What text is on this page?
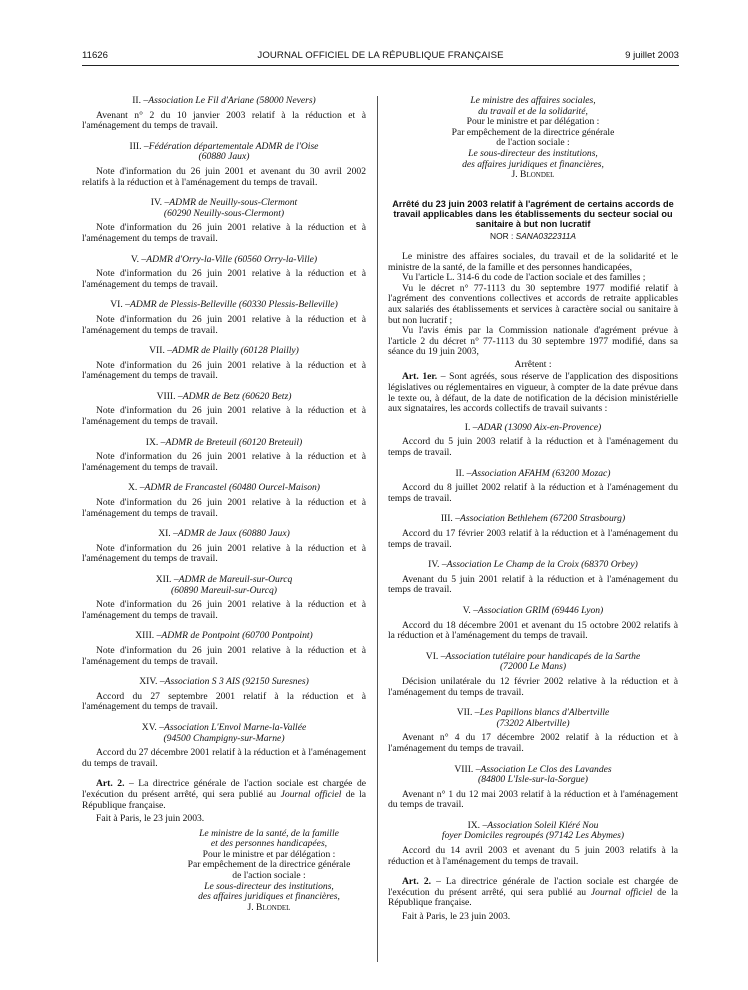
11626	JOURNAL OFFICIEL DE LA RÉPUBLIQUE FRANÇAISE	9 juillet 2003
II. – Association Le Fil d'Ariane (58000 Nevers)

Avenant n° 2 du 10 janvier 2003 relatif à la réduction et à l'aménagement du temps de travail.

III. – Fédération départementale ADMR de l'Oise
(60880 Jaux)

Note d'information du 26 juin 2001 et avenant du 30 avril 2002 relatifs à la réduction et à l'aménagement du temps de travail.

IV. – ADMR de Neuilly-sous-Clermont
(60290 Neuilly-sous-Clermont)

Note d'information du 26 juin 2001 relative à la réduction et à l'aménagement du temps de travail.

V. – ADMR d'Orry-la-Ville (60560 Orry-la-Ville)

Note d'information du 26 juin 2001 relative à la réduction et à l'aménagement du temps de travail.

VI. – ADMR de Plessis-Belleville (60330 Plessis-Belleville)

Note d'information du 26 juin 2001 relative à la réduction et à l'aménagement du temps de travail.

VII. – ADMR de Plailly (60128 Plailly)

Note d'information du 26 juin 2001 relative à la réduction et à l'aménagement du temps de travail.

VIII. – ADMR de Betz (60620 Betz)

Note d'information du 26 juin 2001 relative à la réduction et à l'aménagement du temps de travail.

IX. – ADMR de Breteuil (60120 Breteuil)

Note d'information du 26 juin 2001 relative à la réduction et à l'aménagement du temps de travail.

X. – ADMR de Francastel (60480 Ourcel-Maison)

Note d'information du 26 juin 2001 relative à la réduction et à l'aménagement du temps de travail.

XI. – ADMR de Jaux (60880 Jaux)

Note d'information du 26 juin 2001 relative à la réduction et à l'aménagement du temps de travail.

XII. – ADMR de Mareuil-sur-Ourcq
(60890 Mareuil-sur-Ourcq)

Note d'information du 26 juin 2001 relative à la réduction et à l'aménagement du temps de travail.

XIII. – ADMR de Pontpoint (60700 Pontpoint)

Note d'information du 26 juin 2001 relative à la réduction et à l'aménagement du temps de travail.

XIV. – Association S 3 AIS (92150 Suresnes)

Accord du 27 septembre 2001 relatif à la réduction et à l'aménagement du temps de travail.

XV. – Association L'Envol Marne-la-Vallée
(94500 Champigny-sur-Marne)

Accord du 27 décembre 2001 relatif à la réduction et à l'aménagement du temps de travail.

Art. 2. – La directrice générale de l'action sociale est chargée de l'exécution du présent arrêté, qui sera publié au Journal officiel de la République française.

Fait à Paris, le 23 juin 2003.

Le ministre de la santé, de la famille
et des personnes handicapées,
Pour le ministre et par délégation :
Par empêchement de la directrice générale
de l'action sociale :
Le sous-directeur des institutions,
des affaires juridiques et financières,
J. Blondel
Le ministre des affaires sociales,
du travail et de la solidarité,
Pour le ministre et par délégation :
Par empêchement de la directrice générale
de l'action sociale :
Le sous-directeur des institutions,
des affaires juridiques et financières,
J. Blondel
Arrêté du 23 juin 2003 relatif à l'agrément de certains accords de travail applicables dans les établissements du secteur social ou sanitaire à but non lucratif
NOR : SANA0322311A

Le ministre des affaires sociales, du travail et de la solidarité et le ministre de la santé, de la famille et des personnes handicapées,

Vu l'article L. 314-6 du code de l'action sociale et des familles ;

Vu le décret n° 77-1113 du 30 septembre 1977 modifié relatif à l'agrément des conventions collectives et accords de retraite applicables aux salariés des établissements et services à caractère social ou sanitaire à but non lucratif ;

Vu l'avis émis par la Commission nationale d'agrément prévue à l'article 2 du décret n° 77-1113 du 30 septembre 1977 modifié, dans sa séance du 19 juin 2003,

Arrêtent :

Art. 1er. – Sont agréés, sous réserve de l'application des dispositions législatives ou réglementaires en vigueur, à compter de la date prévue dans le texte ou, à défaut, de la date de notification de la décision ministérielle aux signataires, les accords collectifs de travail suivants :

I. – ADAR (13090 Aix-en-Provence)

Accord du 5 juin 2003 relatif à la réduction et à l'aménagement du temps de travail.

II. – Association AFAHM (63200 Mozac)

Accord du 8 juillet 2002 relatif à la réduction et à l'aménagement du temps de travail.

III. – Association Bethlehem (67200 Strasbourg)

Accord du 17 février 2003 relatif à la réduction et à l'aménagement du temps de travail.

IV. – Association Le Champ de la Croix (68370 Orbey)

Avenant du 5 juin 2001 relatif à la réduction et à l'aménagement du temps de travail.

V. – Association GRIM (69446 Lyon)

Accord du 18 décembre 2001 et avenant du 15 octobre 2002 relatifs à la réduction et à l'aménagement du temps de travail.

VI. – Association tutélaire pour handicapés de la Sarthe
(72000 Le Mans)

Décision unilatérale du 12 février 2002 relative à la réduction et à l'aménagement du temps de travail.

VII. – Les Papillons blancs d'Albertville
(73202 Albertville)

Avenant n° 4 du 17 décembre 2002 relatif à la réduction et à l'aménagement du temps de travail.

VIII. – Association Le Clos des Lavandes
(84800 L'Isle-sur-la-Sorgue)

Avenant n° 1 du 12 mai 2003 relatif à la réduction et à l'aménagement du temps de travail.

IX. – Association Soleil Kléré Nou
foyer Domiciles regroupés (97142 Les Abymes)

Accord du 14 avril 2003 et avenant du 5 juin 2003 relatifs à la réduction et à l'aménagement du temps de travail.

Art. 2. – La directrice générale de l'action sociale est chargée de l'exécution du présent arrêté, qui sera publié au Journal officiel de la République française.

Fait à Paris, le 23 juin 2003.
